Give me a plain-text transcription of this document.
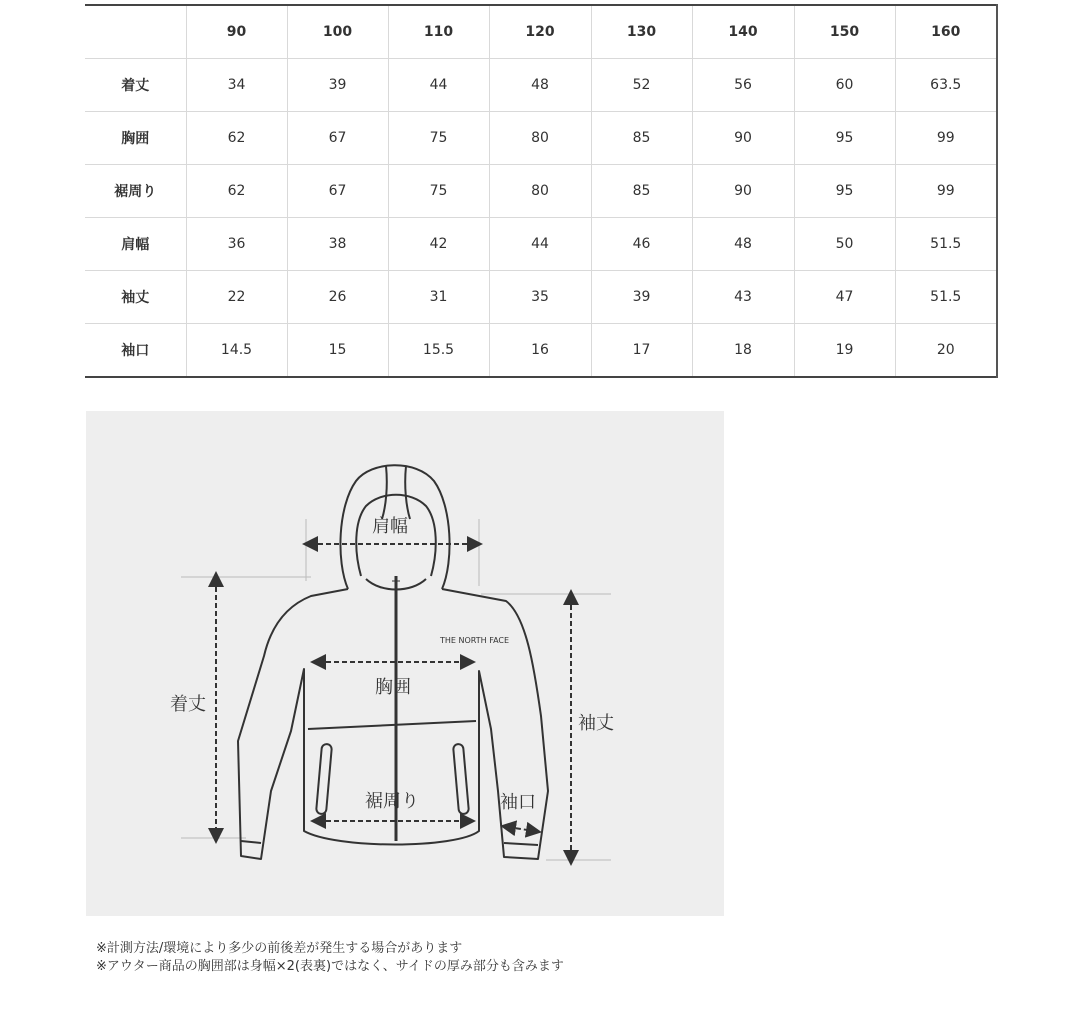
	90	100	110	120	130	140	150	160
着丈	34	39	44	48	52	56	60	63.5
胸囲	62	67	75	80	85	90	95	99
裾周り	62	67	75	80	85	90	95	99
肩幅	36	38	42	44	46	48	50	51.5
袖丈	22	26	31	35	39	43	47	51.5
袖口	14.5	15	15.5	16	17	18	19	20
THE NORTH FACE
肩幅
胸囲
着丈
袖丈
裾周り	袖口
※計測方法/環境により多少の前後差が発生する場合があります
※アウター商品の胸囲部は身幅×2(表裏)ではなく、サイドの厚み部分も含みます
